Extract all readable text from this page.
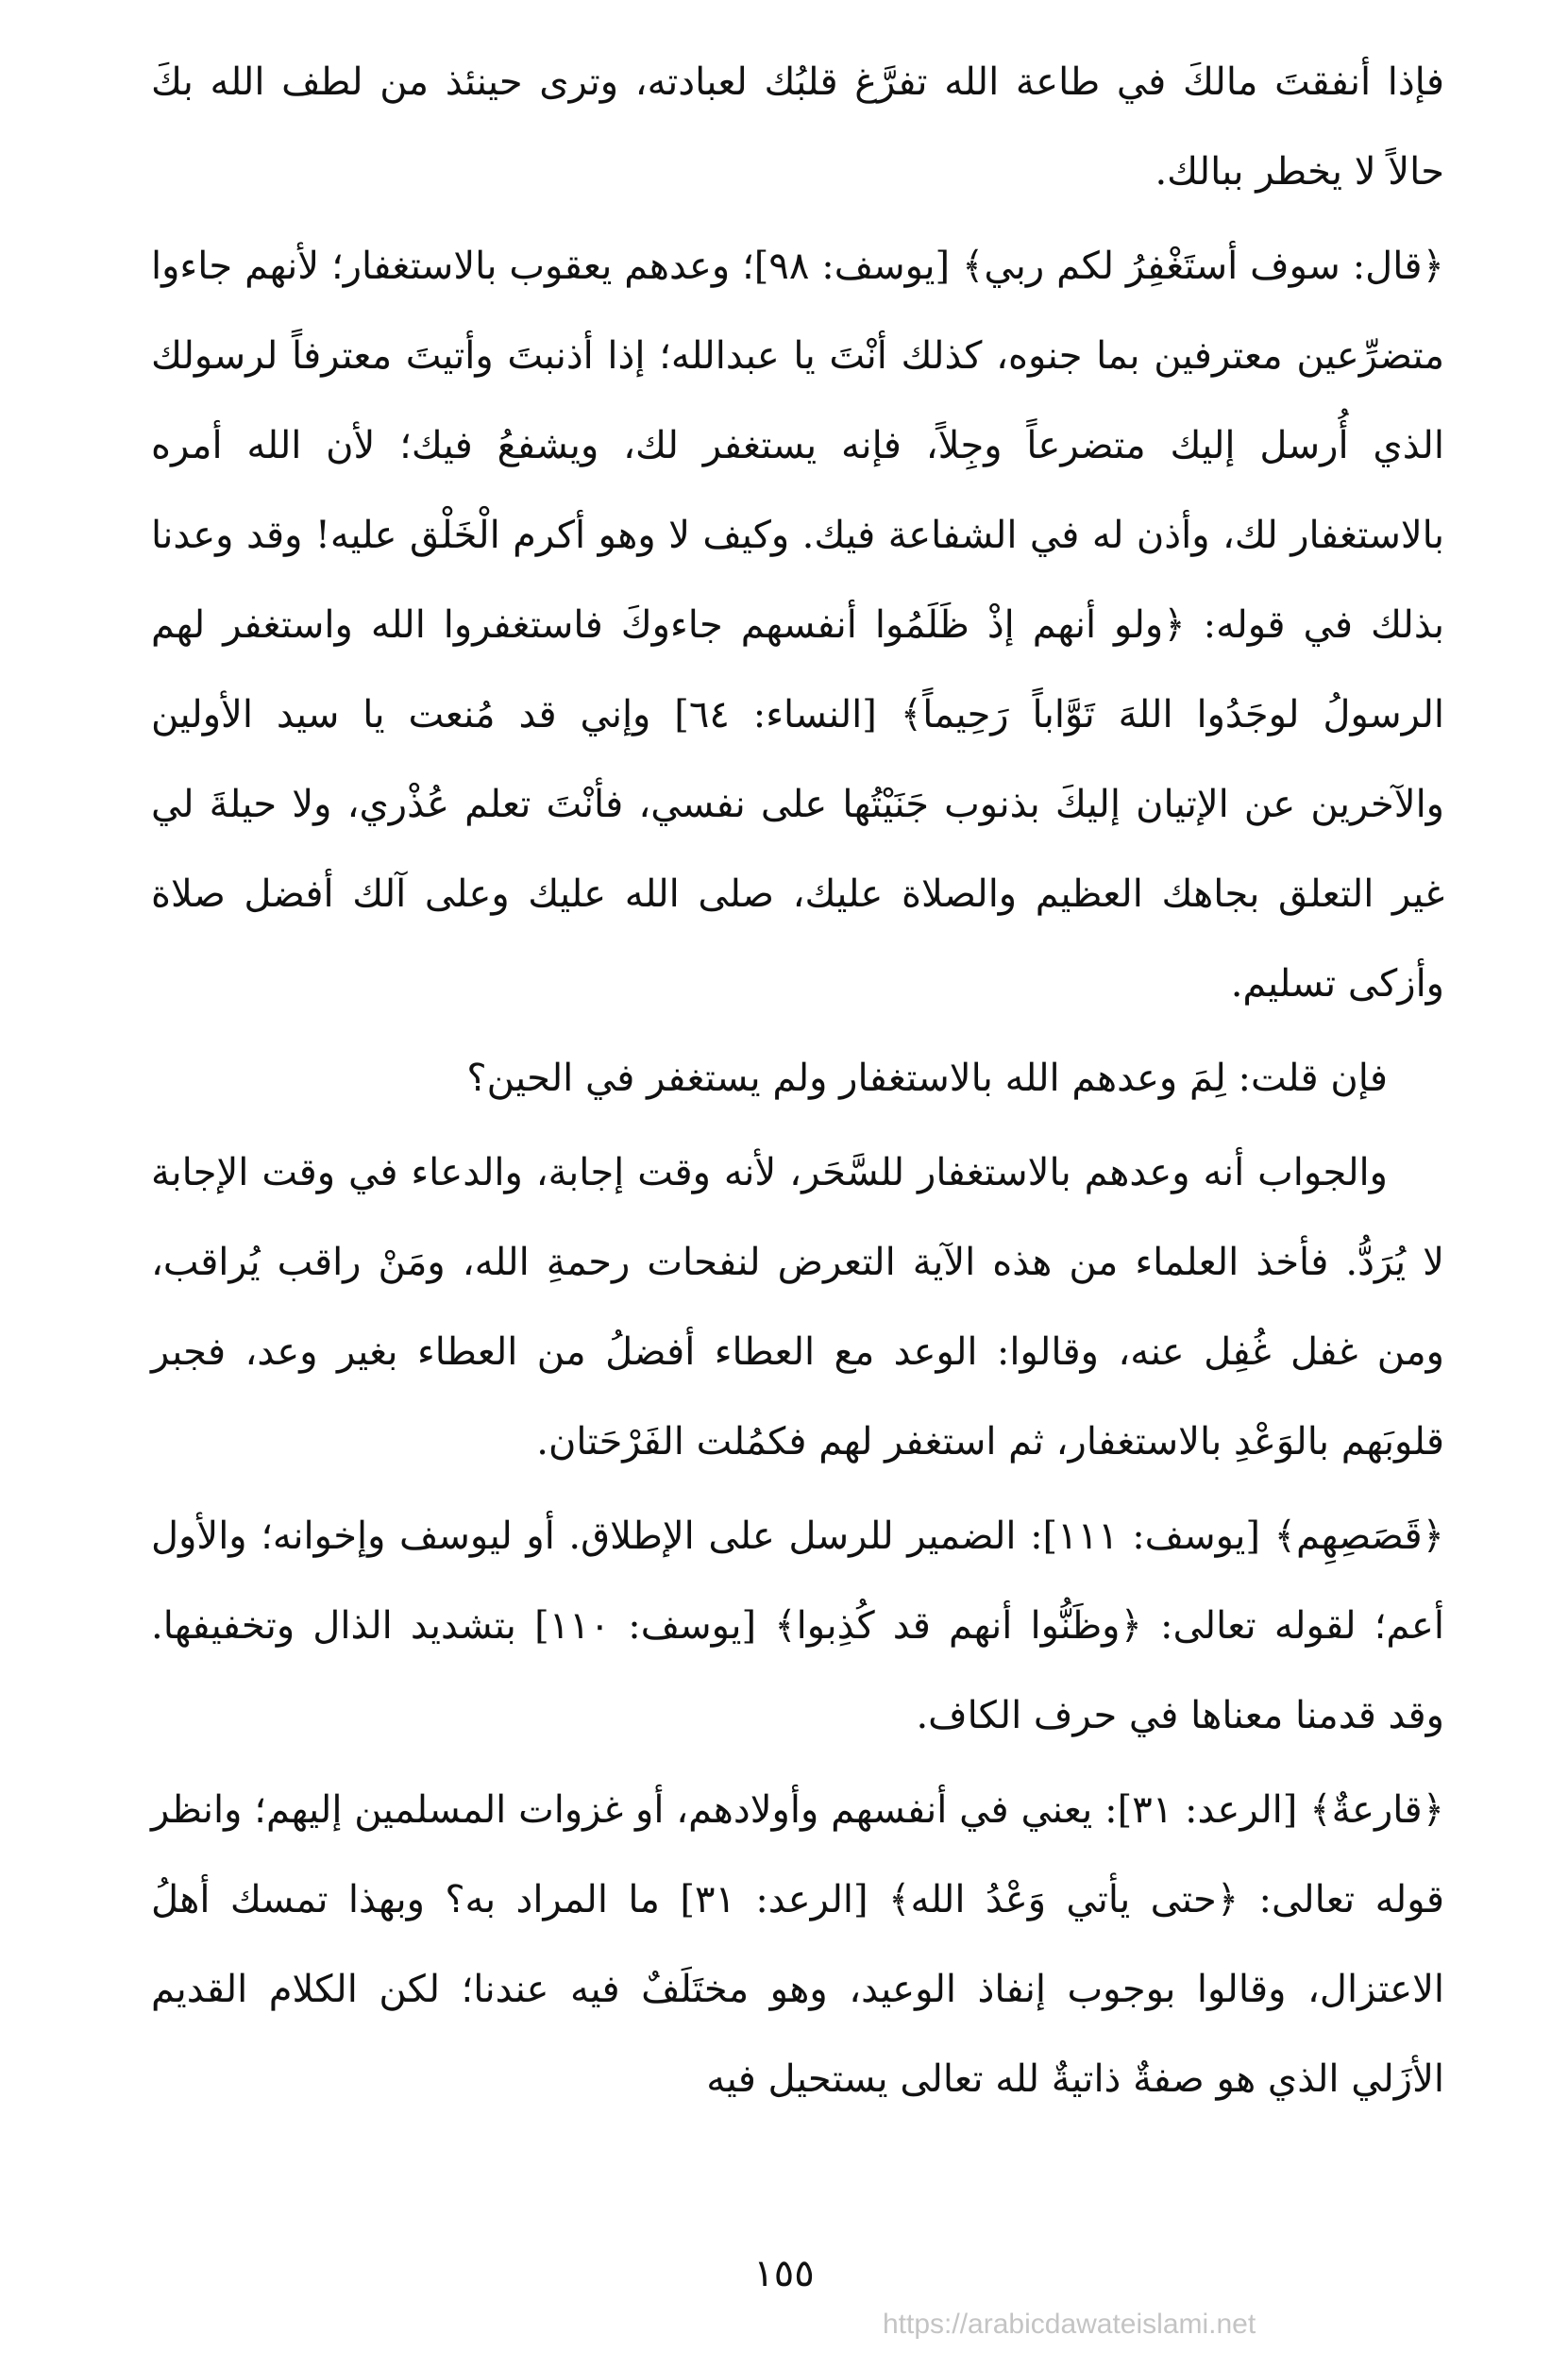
فإذا أنفقتَ مالكَ في طاعة الله تفرَّغ قلبُك لعبادته، وترى حينئذ من لطف الله بكَ حالاً لا يخطر ببالك.

﴿قال: سوف أستَغْفِرُ لكم ربي﴾ [يوسف: ٩٨]؛ وعدهم يعقوب بالاستغفار؛ لأنهم جاءوا متضرِّعين معترفين بما جنوه، كذلك أنْتَ يا عبدالله؛ إذا أذنبتَ وأتيتَ معترفاً لرسولك الذي أُرسل إليك متضرعاً وجِلاً، فإنه يستغفر لك، ويشفعُ فيك؛ لأن الله أمره بالاستغفار لك، وأذن له في الشفاعة فيك. وكيف لا وهو أكرم الْخَلْق عليه! وقد وعدنا بذلك في قوله: ﴿ولو أنهم إذْ ظَلَمُوا أنفسهم جاءوكَ فاستغفروا الله واستغفر لهم الرسولُ لوجَدُوا اللهَ تَوَّاباً رَحِيماً﴾ [النساء: ٦٤] وإني قد مُنعت يا سيد الأولين والآخرين عن الإتيان إليكَ بذنوب جَنَيْتُها على نفسي، فأنْتَ تعلم عُذْري، ولا حيلةَ لي غير التعلق بجاهك العظيم والصلاة عليك، صلى الله عليك وعلى آلك أفضل صلاة وأزكى تسليم.

فإن قلت: لِمَ وعدهم الله بالاستغفار ولم يستغفر في الحين؟

والجواب أنه وعدهم بالاستغفار للسَّحَر، لأنه وقت إجابة، والدعاء في وقت الإجابة لا يُرَدُّ. فأخذ العلماء من هذه الآية التعرض لنفحات رحمةِ الله، ومَنْ راقب يُراقب، ومن غفل غُفِل عنه، وقالوا: الوعد مع العطاء أفضلُ من العطاء بغير وعد، فجبر قلوبَهم بالوَعْدِ بالاستغفار، ثم استغفر لهم فكمُلت الفَرْحَتان.

﴿قَصَصِهِم﴾ [يوسف: ١١١]: الضمير للرسل على الإطلاق. أو ليوسف وإخوانه؛ والأول أعم؛ لقوله تعالى: ﴿وظَنُّوا أنهم قد كُذِبوا﴾ [يوسف: ١١٠] بتشديد الذال وتخفيفها. وقد قدمنا معناها في حرف الكاف.

﴿قارعةٌ﴾ [الرعد: ٣١]: يعني في أنفسهم وأولادهم، أو غزوات المسلمين إليهم؛ وانظر قوله تعالى: ﴿حتى يأتي وَعْدُ الله﴾ [الرعد: ٣١] ما المراد به؟ وبهذا تمسك أهلُ الاعتزال، وقالوا بوجوب إنفاذ الوعيد، وهو مختَلَفٌ فيه عندنا؛ لكن الكلام القديم الأزَلي الذي هو صفةٌ ذاتيةٌ لله تعالى يستحيل فيه

١٥٥
https://arabicdawateislami.net
